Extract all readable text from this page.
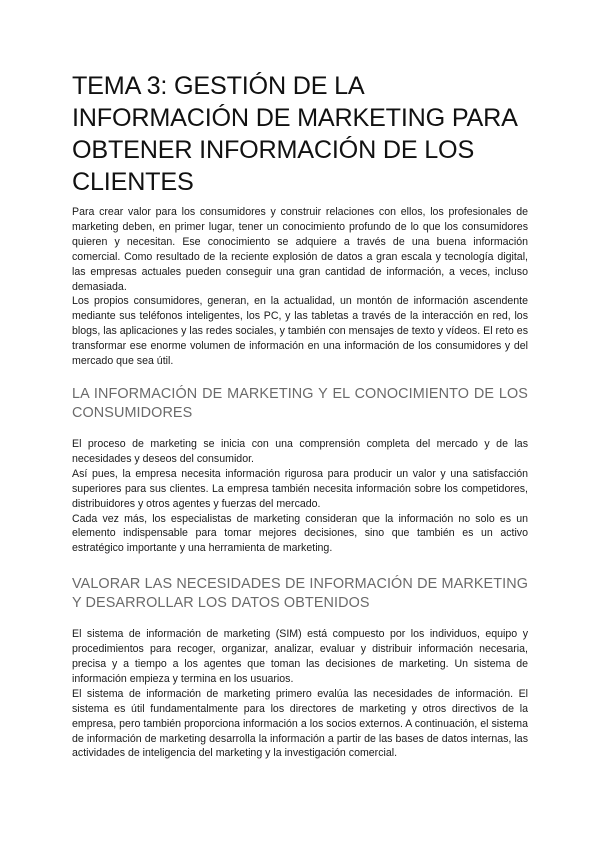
TEMA 3: GESTIÓN DE LA INFORMACIÓN DE MARKETING PARA OBTENER INFORMACIÓN DE LOS CLIENTES

Para crear valor para los consumidores y construir relaciones con ellos, los profesionales de marketing deben, en primer lugar, tener un conocimiento profundo de lo que los consumidores quieren y necesitan. Ese conocimiento se adquiere a través de una buena información comercial. Como resultado de la reciente explosión de datos a gran escala y tecnología digital, las empresas actuales pueden conseguir una gran cantidad de información, a veces, incluso demasiada.

Los propios consumidores, generan, en la actualidad, un montón de información ascendente mediante sus teléfonos inteligentes, los PC, y las tabletas a través de la interacción en red, los blogs, las aplicaciones y las redes sociales, y también con mensajes de texto y vídeos. El reto es transformar ese enorme volumen de información en una información de los consumidores y del mercado que sea útil.

LA INFORMACIÓN DE MARKETING Y EL CONOCIMIENTO DE LOS CONSUMIDORES

El proceso de marketing se inicia con una comprensión completa del mercado y de las necesidades y deseos del consumidor.

Así pues, la empresa necesita información rigurosa para producir un valor y una satisfacción superiores para sus clientes. La empresa también necesita información sobre los competidores, distribuidores y otros agentes y fuerzas del mercado.

Cada vez más, los especialistas de marketing consideran que la información no solo es un elemento indispensable para tomar mejores decisiones, sino que también es un activo estratégico importante y una herramienta de marketing.

VALORAR LAS NECESIDADES DE INFORMACIÓN DE MARKETING Y DESARROLLAR LOS DATOS OBTENIDOS

El sistema de información de marketing (SIM) está compuesto por los individuos, equipo y procedimientos para recoger, organizar, analizar, evaluar y distribuir información necesaria, precisa y a tiempo a los agentes que toman las decisiones de marketing. Un sistema de información empieza y termina en los usuarios.

El sistema de información de marketing primero evalúa las necesidades de información. El sistema es útil fundamentalmente para los directores de marketing y otros directivos de la empresa, pero también proporciona información a los socios externos. A continuación, el sistema de información de marketing desarrolla la información a partir de las bases de datos internas, las actividades de inteligencia del marketing y la investigación comercial.
